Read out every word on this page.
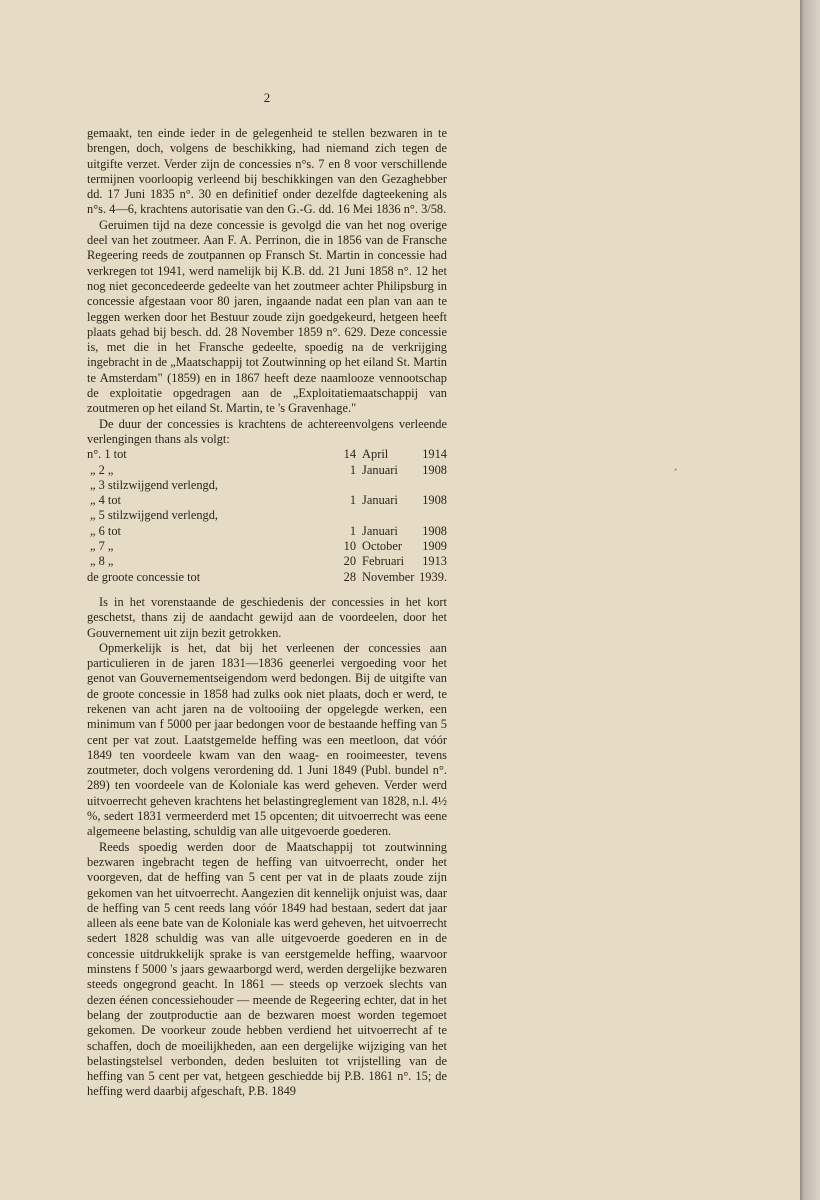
2

gemaakt, ten einde ieder in de gelegenheid te stellen bezwaren in te brengen, doch, volgens de beschikking, had niemand zich tegen de uitgifte verzet. Verder zijn de concessies n°s. 7 en 8 voor verschillende termijnen voorloopig verleend bij beschikkingen van den Gezaghebber dd. 17 Juni 1835 n°. 30 en definitief onder dezelfde dagteekening als n°s. 4—6, krachtens autorisatie van den G.-G. dd. 16 Mei 1836 n°. 3/58.

Geruimen tijd na deze concessie is gevolgd die van het nog overige deel van het zoutmeer. Aan F. A. Perrinon, die in 1856 van de Fransche Regeering reeds de zoutpannen op Fransch St. Martin in concessie had verkregen tot 1941, werd namelijk bij K.B. dd. 21 Juni 1858 n°. 12 het nog niet geconcedeerde gedeelte van het zoutmeer achter Philipsburg in concessie afgestaan voor 80 jaren, ingaande nadat een plan van aan te leggen werken door het Bestuur zoude zijn goedgekeurd, hetgeen heeft plaats gehad bij besch. dd. 28 November 1859 n°. 629. Deze concessie is, met die in het Fransche gedeelte, spoedig na de verkrijging ingebracht in de „Maatschappij tot Zoutwinning op het eiland St. Martin te Amsterdam" (1859) en in 1867 heeft deze naamlooze vennootschap de exploitatie opgedragen aan de „Exploitatiemaatschappij van zoutmeren op het eiland St. Martin, te 's Gravenhage."

De duur der concessies is krachtens de achtereenvolgens verleende verlengingen thans als volgt:

n°. 1 tot	14	April	1914
„ 2 „	1	Januari	1908
„ 3 stilzwijgend verlengd,			
„ 4 tot	1	Januari	1908
„ 5 stilzwijgend verlengd,			
„ 6 tot	1	Januari	1908
„ 7 „	10	October	1909
„ 8 „	20	Februari	1913
de groote concessie tot	28	November	1939.

Is in het vorenstaande de geschiedenis der concessies in het kort geschetst, thans zij de aandacht gewijd aan de voordeelen, door het Gouvernement uit zijn bezit getrokken.

Opmerkelijk is het, dat bij het verleenen der concessies aan particulieren in de jaren 1831—1836 geenerlei vergoeding voor het genot van Gouvernementseigendom werd bedongen. Bij de uitgifte van de groote concessie in 1858 had zulks ook niet plaats, doch er werd, te rekenen van acht jaren na de voltooiing der opgelegde werken, een minimum van f 5000 per jaar bedongen voor de bestaande heffing van 5 cent per vat zout. Laatstgemelde heffing was een meetloon, dat vóór 1849 ten voordeele kwam van den waag- en rooimeester, tevens zoutmeter, doch volgens verordening dd. 1 Juni 1849 (Publ. bundel n°. 289) ten voordeele van de Koloniale kas werd geheven. Verder werd uitvoerrecht geheven krachtens het belastingreglement van 1828, n.l. 4½ %, sedert 1831 vermeerderd met 15 opcenten; dit uitvoerrecht was eene algemeene belasting, schuldig van alle uitgevoerde goederen.

Reeds spoedig werden door de Maatschappij tot zoutwinning bezwaren ingebracht tegen de heffing van uitvoerrecht, onder het voorgeven, dat de heffing van 5 cent per vat in de plaats zoude zijn gekomen van het uitvoerrecht. Aangezien dit kennelijk onjuist was, daar de heffing van 5 cent reeds lang vóór 1849 had bestaan, sedert dat jaar alleen als eene bate van de Koloniale kas werd geheven, het uitvoerrecht sedert 1828 schuldig was van alle uitgevoerde goederen en in de concessie uitdrukkelijk sprake is van eerstgemelde heffing, waarvoor minstens f 5000 's jaars gewaarborgd werd, werden dergelijke bezwaren steeds ongegrond geacht. In 1861 — steeds op verzoek slechts van dezen éénen concessiehouder — meende de Regeering echter, dat in het belang der zoutproductie aan de bezwaren moest worden tegemoet gekomen. De voorkeur zoude hebben verdiend het uitvoerrecht af te schaffen, doch de moeilijkheden, aan een dergelijke wijziging van het belastingstelsel verbonden, deden besluiten tot vrijstelling van de heffing van 5 cent per vat, hetgeen geschiedde bij P.B. 1861 n°. 15; de heffing werd daarbij afgeschaft, P.B. 1849

‸
